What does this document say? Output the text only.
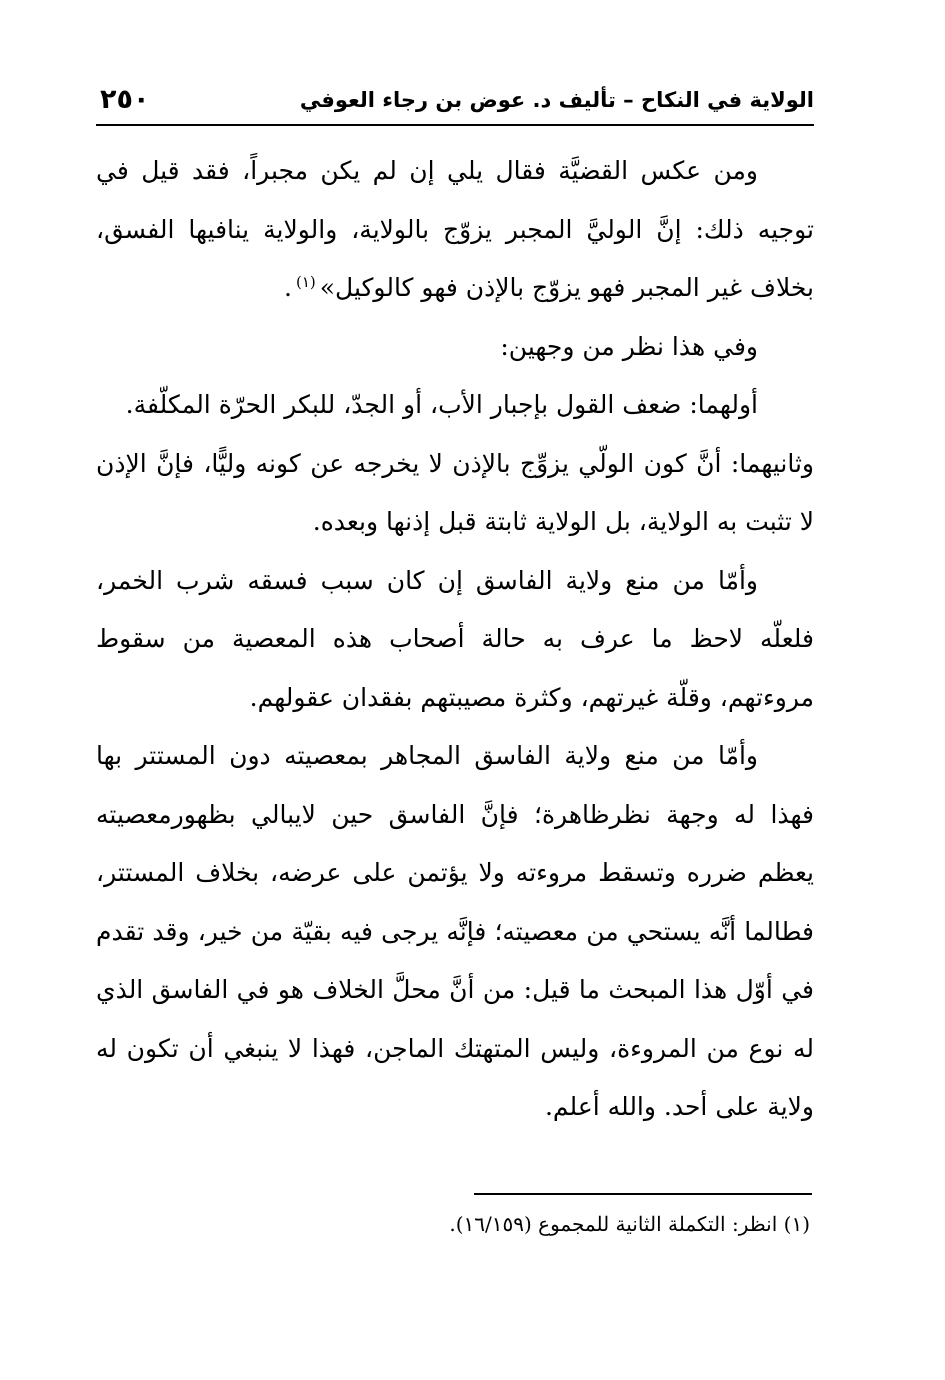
الولاية في النكاح – تأليف د. عوض بن رجاء العوفي
٢٥٠

ومن عكس القضيَّة فقال يلي إن لم يكن مجبراً، فقد قيل في توجيه ذلك: إنَّ الوليَّ المجبر يزوّج بالولاية، والولاية ينافيها الفسق، بخلاف غير المجبر فهو يزوّج بالإذن فهو كالوكيل»$^{(١)}$.

وفي هذا نظر من وجهين:

أولهما: ضعف القول بإجبار الأب، أو الجدّ، للبكر الحرّة المكلّفة.

وثانيهما: أنَّ كون الولّي يزوِّج بالإذن لا يخرجه عن كونه وليًّا، فإنَّ الإذن لا تثبت به الولاية، بل الولاية ثابتة قبل إذنها وبعده.

وأمّا من منع ولاية الفاسق إن كان سبب فسقه شرب الخمر، فلعلّه لاحظ ما عرف به حالة أصحاب هذه المعصية من سقوط مروءتهم، وقلّة غيرتهم، وكثرة مصيبتهم بفقدان عقولهم.

وأمّا من منع ولاية الفاسق المجاهر بمعصيته دون المستتر بها فهذا له وجهة نظرظاهرة؛ فإنَّ الفاسق حين لايبالي بظهورمعصيته يعظم ضرره وتسقط مروءته ولا يؤتمن على عرضه، بخلاف المستتر، فطالما أنَّه يستحي من معصيته؛ فإنَّه يرجى فيه بقيّة من خير، وقد تقدم في أوّل هذا المبحث ما قيل: من أنَّ محلَّ الخلاف هو في الفاسق الذي له نوع من المروءة، وليس المتهتك الماجن، فهذا لا ينبغي أن تكون له ولاية على أحد. والله أعلم.

(١) انظر: التكملة الثانية للمجموع (١٦/١٥٩).
